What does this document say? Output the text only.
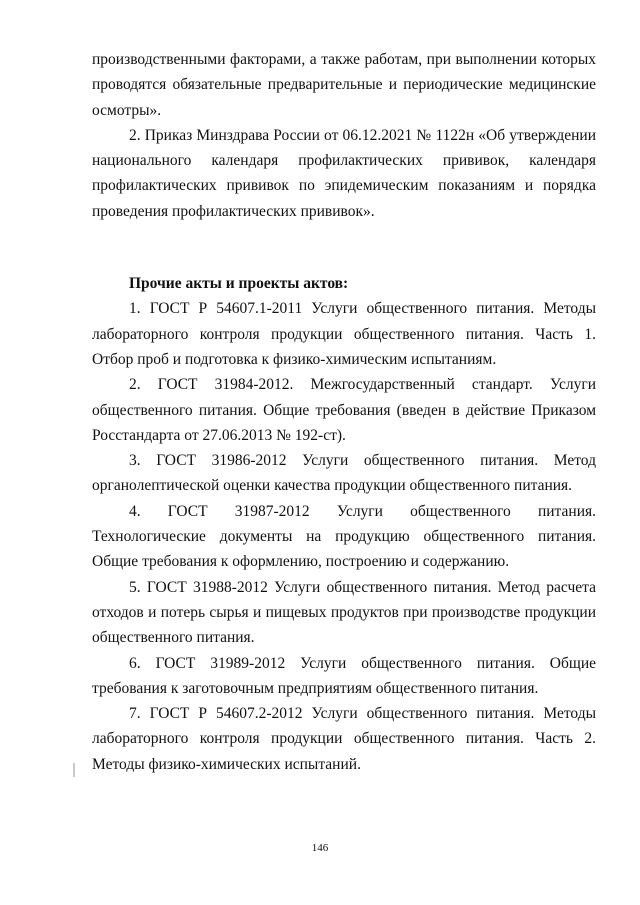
производственными факторами, а также работам, при выполнении которых проводятся обязательные предварительные и периодические медицинские осмотры».

2. Приказ Минздрава России от 06.12.2021 № 1122н «Об утверждении национального календаря профилактических прививок, календаря профилактических прививок по эпидемическим показаниям и порядка проведения профилактических прививок».

Прочие акты и проекты актов:

1. ГОСТ Р 54607.1-2011 Услуги общественного питания. Методы лабораторного контроля продукции общественного питания. Часть 1. Отбор проб и подготовка к физико-химическим испытаниям.

2. ГОСТ 31984-2012. Межгосударственный стандарт. Услуги общественного питания. Общие требования (введен в действие Приказом Росстандарта от 27.06.2013 № 192-ст).

3. ГОСТ 31986-2012 Услуги общественного питания. Метод органолептической оценки качества продукции общественного питания.

4. ГОСТ 31987-2012 Услуги общественного питания. Технологические документы на продукцию общественного питания. Общие требования к оформлению, построению и содержанию.

5. ГОСТ 31988-2012 Услуги общественного питания. Метод расчета отходов и потерь сырья и пищевых продуктов при производстве продукции общественного питания.

6. ГОСТ 31989-2012 Услуги общественного питания. Общие требования к заготовочным предприятиям общественного питания.

7. ГОСТ Р 54607.2-2012 Услуги общественного питания. Методы лабораторного контроля продукции общественного питания. Часть 2. Методы физико-химических испытаний.

146
